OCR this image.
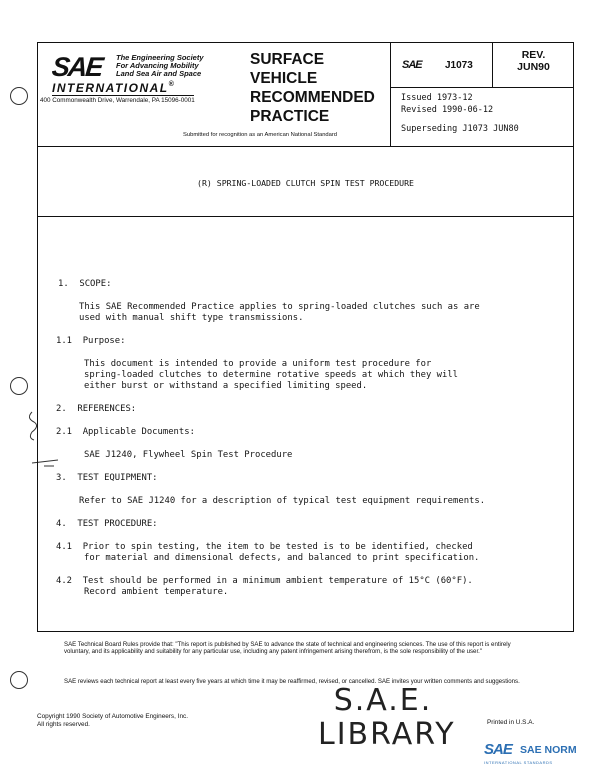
SAE The Engineering Society
For Advancing Mobility
Land Sea Air and Space
INTERNATIONAL ®
400 Commonwealth Drive, Warrendale, PA 15096-0001
SURFACE
VEHICLE
RECOMMENDED
PRACTICE
Submitted for recognition as an American National Standard
SAE J1073
REV.
JUN90
Issued 1973-12
Revised 1990-06-12
Superseding J1073 JUN80
(R) SPRING-LOADED CLUTCH SPIN TEST PROCEDURE
1.  SCOPE:
This SAE Recommended Practice applies to spring-loaded clutches such as are
used with manual shift type transmissions.
1.1  Purpose:
This document is intended to provide a uniform test procedure for
spring-loaded clutches to determine rotative speeds at which they will
either burst or withstand a specified limiting speed.
2.  REFERENCES:
2.1  Applicable Documents:
SAE J1240, Flywheel Spin Test Procedure
3.  TEST EQUIPMENT:
Refer to SAE J1240 for a description of typical test equipment requirements.
4.  TEST PROCEDURE:
4.1  Prior to spin testing, the item to be tested is to be identified, checked
for material and dimensional defects, and balanced to print specification.
4.2  Test should be performed in a minimum ambient temperature of 15°C (60°F).
Record ambient temperature.
SAE Technical Board Rules provide that: "This report is published by SAE to advance the state of technical and engineering sciences. The use of this report is entirely voluntary, and its applicability and suitability for any particular use, including any patent infringement arising therefrom, is the sole responsibility of the user."
SAE reviews each technical report at least every five years at which time it may be reaffirmed, revised, or cancelled. SAE invites your written comments and suggestions.
Copyright 1990 Society of Automotive Engineers, Inc.
All rights reserved.
S.A.E.
LIBRARY	Printed in U.S.A.
SAE SAE NORM
INTERNATIONAL STANDARDS
